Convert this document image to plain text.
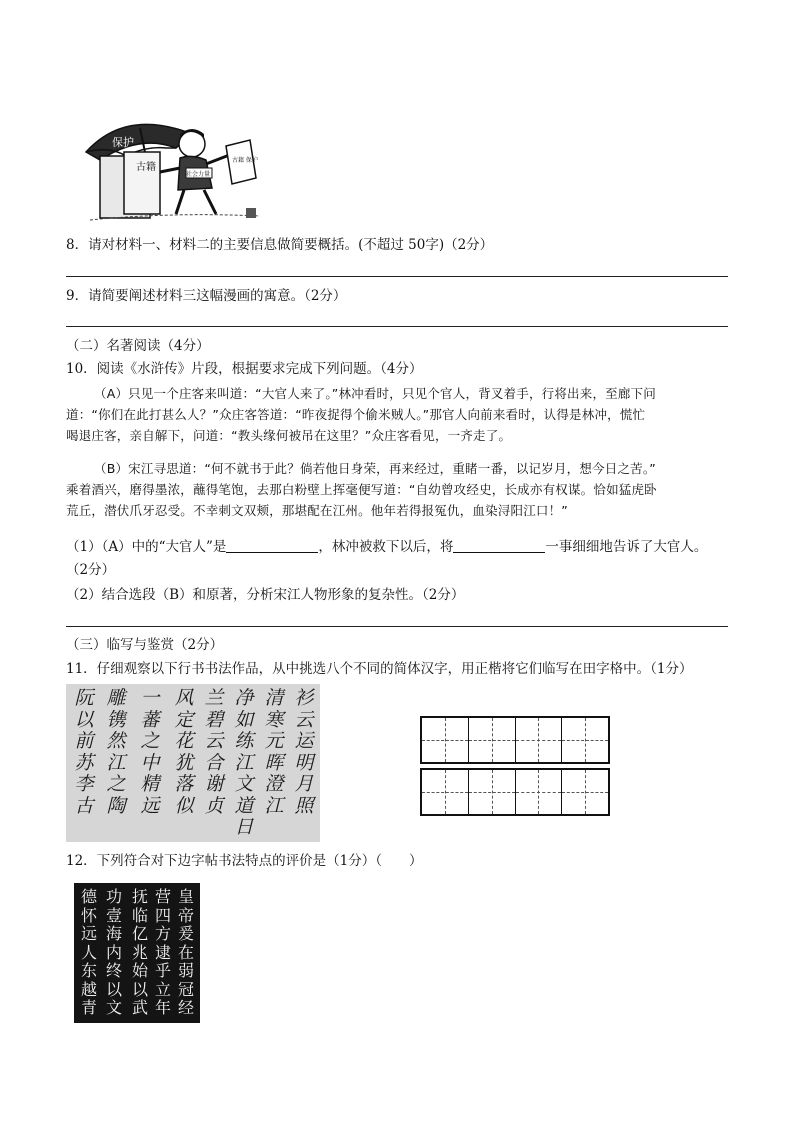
保护
古籍
社会力量
古籍 保护
8．请对材料一、材料二的主要信息做简要概括。(不超过 50字)（2分）
9．请简要阐述材料三这幅漫画的寓意。（2分）
（二）名著阅读（4分）
10．阅读《水浒传》片段，根据要求完成下列问题。（4分）
（A）只见一个庄客来叫道：“大官人来了。”林冲看时，只见个官人，背叉着手，行将出来，至廊下问
道：“你们在此打甚么人？”众庄客答道：“昨夜捉得个偷米贼人。”那官人向前来看时，认得是林冲，慌忙
喝退庄客，亲自解下，问道：“教头缘何被吊在这里？”众庄客看见，一齐走了。
（B）宋江寻思道：“何不就书于此？倘若他日身荣，再来经过，重睹一番，以记岁月，想今日之苦。”
乘着酒兴，磨得墨浓，蘸得笔饱，去那白粉壁上挥毫便写道：“自幼曾攻经史，长成亦有权谋。恰如猛虎卧
荒丘，潜伏爪牙忍受。不幸刺文双颊，那堪配在江州。他年若得报冤仇，血染浔阳江口！”
（1）（A）中的“大官人”是	，林冲被救下以后，将	一事细细地告诉了大官人。
（2分）
（2）结合选段（B）和原著，分析宋江人物形象的复杂性。（2分）
（三）临写与鉴赏（2分）
11．仔细观察以下行书书法作品，从中挑选八个不同的简体汉字，用正楷将它们临写在田字格中。（1分）
衫
云
运
明
月
照
清
寒
元
晖
澄
江
净
如
练
江
文
道
日
兰
碧
云
合
谢
贞
风
定
花
犹
落
似
一
蕃
之
中
精
远
雕
镌
然
江
之
陶
阮
以
前
苏
李
古
12．下列符合对下边字帖书法特点的评价是（1分）（　　）
皇
帝
爰
在
弱
冠
经
营
四
方
逮
乎
立
年
抚
临
亿
兆
始
以
武
功
壹
海
内
终
以
文
德
怀
远
人
东
越
青
